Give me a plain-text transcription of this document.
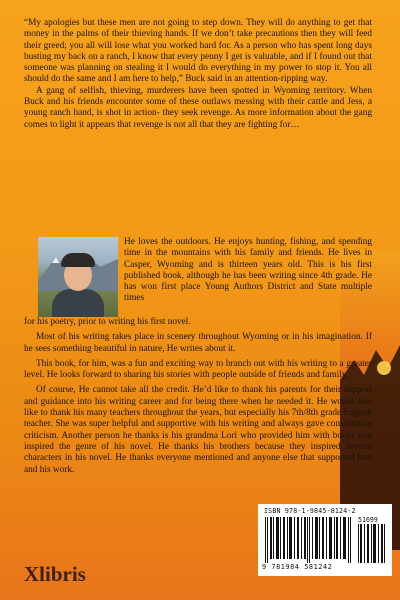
“My apologies but these men are not going to step down. They will do anything to get that money in the palms of their thieving hands. If we don’t take precautions then they will feed their greed; you all will lose what you worked hard for. As a person who has spent long days busting my back on a ranch, I know that every penny I get is valuable, and if I found out that someone was planning on stealing it I would do everything in my power to stop it. You all should do the same and I am here to help,” Buck said in an attention-ripping way.

A gang of selfish, thieving, murderers have been spotted in Wyoming territory. When Buck and his friends encounter some of these outlaws messing with their cattle and Jess, a young ranch hand, is shot in action- they seek revenge. As more information about the gang comes to light it appears that revenge is not all that they are fighting for…

He loves the outdoors. He enjoys hunting, fishing, and spending time in the mountains with his family and friends. He lives in Casper, Wyoming and is thirteen years old. This is his first published book, although he has been writing since 4th grade. He has won first place Young Authors District and State multiple times

for his poetry, prior to writing his first novel.

Most of his writing takes place in scenery throughout Wyoming or in his imagination. If he sees something beautiful in nature, He writes about it.

This book, for him, was a fun and exciting way to branch out with his writing to a greater level. He looks forward to sharing his stories with people outside of friends and family.

Of course, He cannot take all the credit. He’d like to thank his parents for their support and guidance into his writing career and for being there when he needed it. He would also like to thank his many teachers throughout the years, but especially his 7th/8th grade English teacher. She was super helpful and supportive with his writing and always gave constructive criticism. Another person he thanks is his grandma Lori who provided him with books that inspired the genre of his novel. He thanks his brothers because they inspired several characters in his novel. He thanks everyone mentioned and anyone else that supported him and his work.

Xlibris
ISBN 978-1-9845-8124-2
51699
9 781984 581242
